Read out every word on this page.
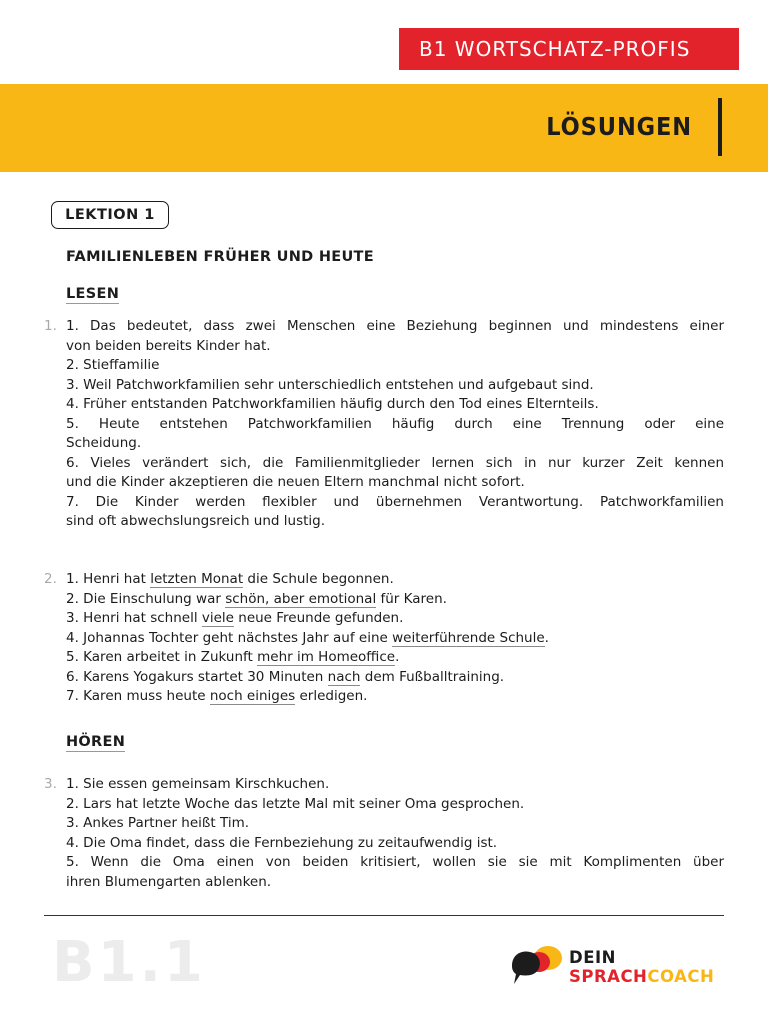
B1 WORTSCHATZ-PROFIS
LÖSUNGEN
LEKTION 1
FAMILIENLEBEN FRÜHER UND HEUTE
LESEN
1. 1. Das bedeutet, dass zwei Menschen eine Beziehung beginnen und mindestens einer
von beiden bereits Kinder hat.
2. Stieffamilie
3. Weil Patchworkfamilien sehr unterschiedlich entstehen und aufgebaut sind.
4. Früher entstanden Patchworkfamilien häufig durch den Tod eines Elternteils.
5. Heute entstehen Patchworkfamilien häufig durch eine Trennung oder eine
Scheidung.
6. Vieles verändert sich, die Familienmitglieder lernen sich in nur kurzer Zeit kennen
und die Kinder akzeptieren die neuen Eltern manchmal nicht sofort.
7. Die Kinder werden flexibler und übernehmen Verantwortung. Patchworkfamilien
sind oft abwechslungsreich und lustig.
2. 1. Henri hat letzten Monat die Schule begonnen.
2. Die Einschulung war schön, aber emotional für Karen.
3. Henri hat schnell viele neue Freunde gefunden.
4. Johannas Tochter geht nächstes Jahr auf eine weiterführende Schule.
5. Karen arbeitet in Zukunft mehr im Homeoffice.
6. Karens Yogakurs startet 30 Minuten nach dem Fußballtraining.
7. Karen muss heute noch einiges erledigen.
HÖREN
3. 1. Sie essen gemeinsam Kirschkuchen.
2. Lars hat letzte Woche das letzte Mal mit seiner Oma gesprochen.
3. Ankes Partner heißt Tim.
4. Die Oma findet, dass die Fernbeziehung zu zeitaufwendig ist.
5. Wenn die Oma einen von beiden kritisiert, wollen sie sie mit Komplimenten über
ihren Blumengarten ablenken.
B1.1	DEIN
SPRACHCOACH
